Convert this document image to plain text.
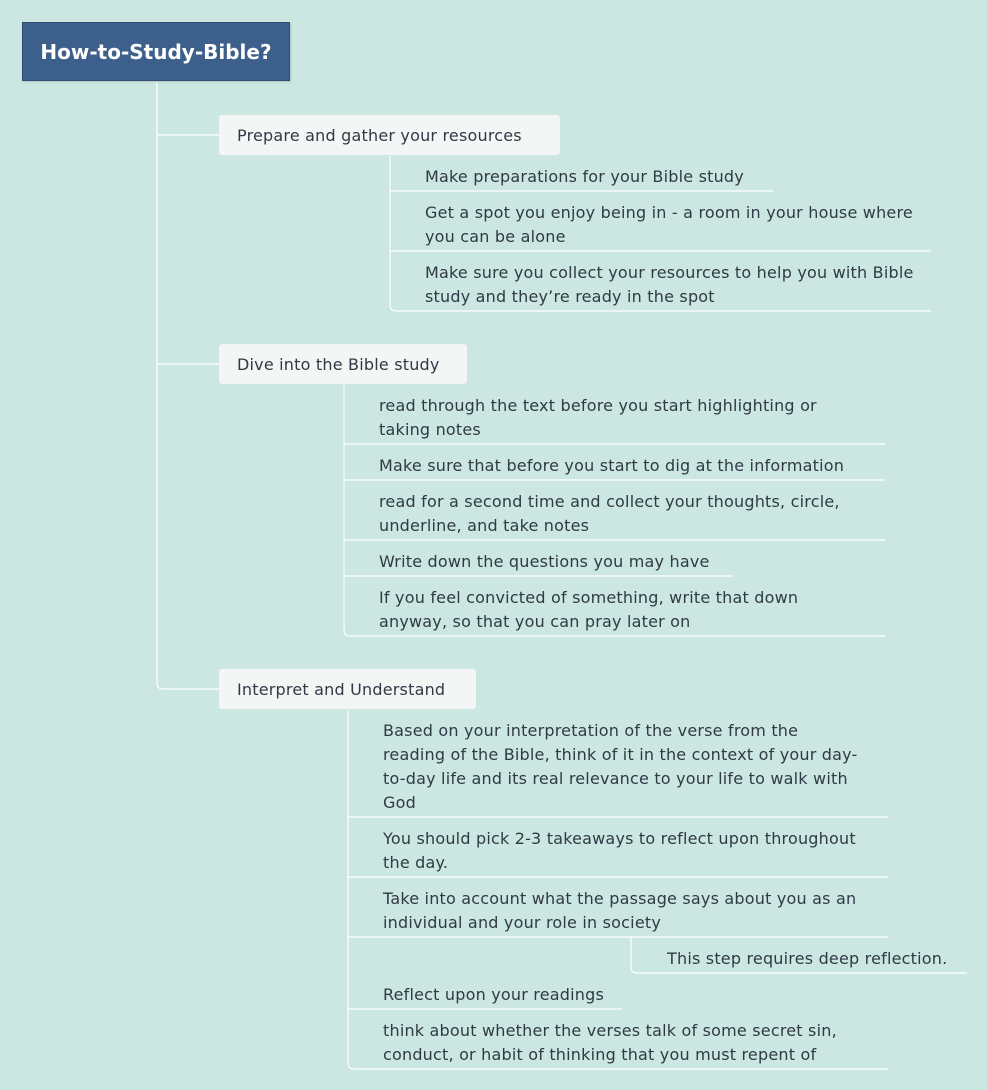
How-to-Study-Bible?
Prepare and gather your resources

Make preparations for your Bible study

Get a spot you enjoy being in - a room in your house where you can be alone

Make sure you collect your resources to help you with Bible study and they’re ready in the spot

Dive into the Bible study

read through the text before you start highlighting or taking notes

Make sure that before you start to dig at the information

read for a second time and collect your thoughts, circle, underline, and take notes

Write down the questions you may have

If you feel convicted of something, write that down anyway, so that you can pray later on

Interpret and Understand

Based on your interpretation of the verse from the reading of the Bible, think of it in the context of your day-to-day life and its real relevance to your life to walk with God

You should pick 2-3 takeaways to reflect upon throughout the day.

Take into account what the passage says about you as an individual and your role in society

This step requires deep reflection.

Reflect upon your readings

think about whether the verses talk of some secret sin, conduct, or habit of thinking that you must repent of
